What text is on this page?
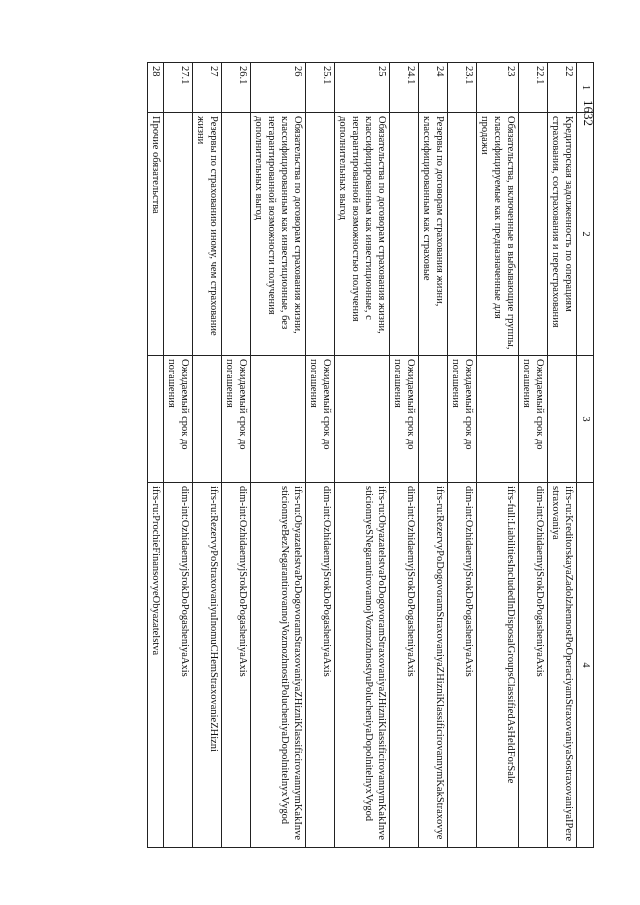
1632
1	2	3	4
22	Кредиторская задолженность по операциям страхования, сострахования и перестрахования		ifrs-ru:KreditorskayaZadolzhennostPoOperaciyamStraxovaniyaSostraxovaniyaIPerestraxovaniya
22.1		Ожидаемый срок до погашения	dim-int:OzhidaemyjSrokDoPogasheniyaAxis
23	Обязательства, включенные в выбывающие группы, классифицируемые как предназначенные для продажи		ifrs-full:LiabilitiesIncludedInDisposalGroupsClassifiedAsHeldForSale
23.1		Ожидаемый срок до погашения	dim-int:OzhidaemyjSrokDoPogasheniyaAxis
24	Резервы по договорам страхования жизни, классифицированным как страховые		ifrs-ru:RezervyPoDogovoramStraxovaniyaZHizniKlassificirovannymKakStraxovye
24.1		Ожидаемый срок до погашения	dim-int:OzhidaemyjSrokDoPogasheniyaAxis
25	Обязательства по договорам страхования жизни, классифицированным как инвестиционные, с негарантированной возможностью получения дополнительных выгод		ifrs-ru:ObyazatelstvaPoDogovoramStraxovaniyaZHizniKlassificirovannymKakInvesticionnyeSNegarantirovannojVozmozhnostyuPolucheniyaDopolnitelnyxVygod
25.1		Ожидаемый срок до погашения	dim-int:OzhidaemyjSrokDoPogasheniyaAxis
26	Обязательства по договорам страхования жизни, классифицированным как инвестиционные, без негарантированной возможности получения дополнительных выгод		ifrs-ru:ObyazatelstvaPoDogovoramStraxovaniyaZHizniKlassificirovannymKakInvesticionnyeBezNegarantirovannojVozmozhnostiPolucheniyaDopolnitelnyxVygod
26.1		Ожидаемый срок до погашения	dim-int:OzhidaemyjSrokDoPogasheniyaAxis
27	Резервы по страхованию иному, чем страхование жизни		ifrs-ru:RezervyPoStraxovaniyuInomuCHemStraxovanieZHizni
27.1		Ожидаемый срок до погашения	dim-int:OzhidaemyjSrokDoPogasheniyaAxis
28	Прочие обязательства		ifrs-ru:ProchieFinansovyeObyazatelstva
